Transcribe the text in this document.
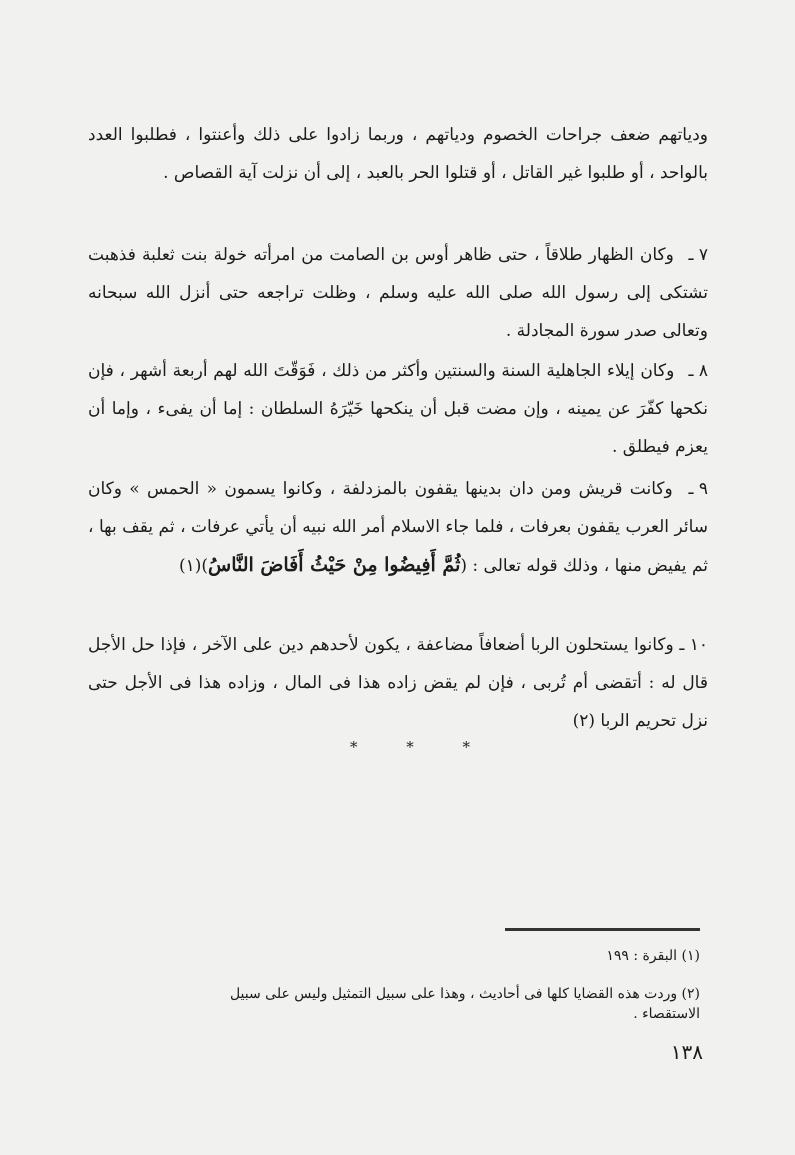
ودياتهم ضعف جراحات الخصوم ودياتهم ، وربما زادوا على ذلك وأعنتوا ، فطلبوا العدد بالواحد ، أو طلبوا غير القاتل ، أو قتلوا الحر بالعبد ، إلى أن نزلت آية القصاص .

٧ ـ وكان الظهار طلاقاً ، حتى ظاهر أوس بن الصامت من امرأته خولة بنت ثعلبة فذهبت تشتكى إلى رسول الله صلى الله عليه وسلم ، وظلت تراجعه حتى أنزل الله سبحانه وتعالى صدر سورة المجادلة .

٨ ـ وكان إيلاء الجاهلية السنة والسنتين وأكثر من ذلك ، فَوَقّتَ الله لهم أربعة أشهر ، فإن نكحها كفّرَ عن يمينه ، وإن مضت قبل أن ينكحها خَيّرَهُ السلطان : إما أن يفىء ، وإما أن يعزم فيطلق .

٩ ـ وكانت قريش ومن دان بدينها يقفون بالمزدلفة ، وكانوا يسمون « الحمس » وكان سائر العرب يقفون بعرفات ، فلما جاء الاسلام أمر الله نبيه أن يأتي عرفات ، ثم يقف بها ، ثم يفيض منها ، وذلك قوله تعالى : (ثُمَّ أَفِيضُوا مِنْ حَيْثُ أَفَاضَ النَّاسُ)(١)

١٠ ـ وكانوا يستحلون الربا أضعافاً مضاعفة ، يكون لأحدهم دين على الآخر ، فإذا حل الأجل قال له : أتقضى أم تُربى ، فإن لم يقض زاده هذا فى المال ، وزاده هذا فى الأجل حتى نزل تحريم الربا (٢)

*	*	*
(١) البقرة : ١٩٩
(٢) وردت هذه القضايا كلها فى أحاديث ، وهذا على سبيل التمثيل وليس على سبيل الاستقصاء .
١٣٨
